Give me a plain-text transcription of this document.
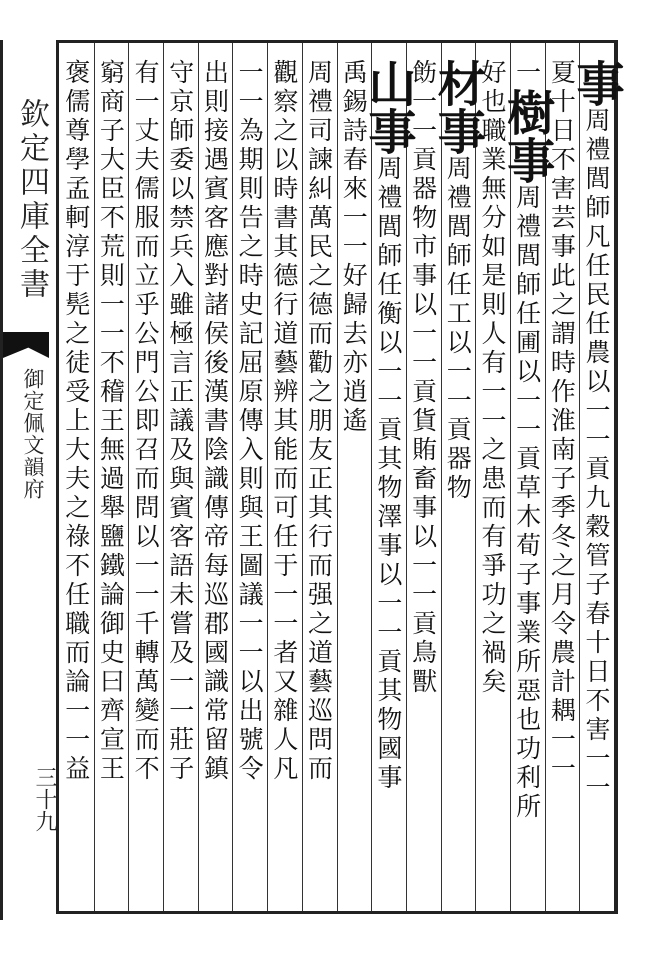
欽定四庫全書
御定佩文韻府
三十九
事周禮閭師凡任民任農以一一貢九穀管子春十日不害一一
夏十日不害芸事此之謂時作淮南子季冬之月令農計耦一一
一樹事周禮閭師任圃以一一貢草木荀子事業所惡也功利所
好也職業無分如是則人有一一之患而有爭功之禍矣
材事周禮閭師任工以一一貢器物
飭一一貢器物市事以一一貢貨賄畜事以一一貢鳥獸
山事周禮閭師任衡以一一貢其物澤事以一一貢其物國事
禹錫詩春來一一好歸去亦逍遙
周禮司諫糾萬民之德而勸之朋友正其行而强之道藝巡問而
觀察之以時書其德行道藝辨其能而可任于一一者又雜人凡
一一為期則告之時史記屈原傳入則與王圖議一一以出號令
出則接遇賓客應對諸侯後漢書陰識傳帝每巡郡國識常留鎮
守京師委以禁兵入雖極言正議及與賓客語未嘗及一一莊子
有一丈夫儒服而立乎公門公即召而問以一一千轉萬變而不
窮商子大臣不荒則一一不稽王無過舉鹽鐵論御史曰齊宣王
褒儒尊學孟軻淳于髡之徒受上大夫之祿不任職而論一一益
